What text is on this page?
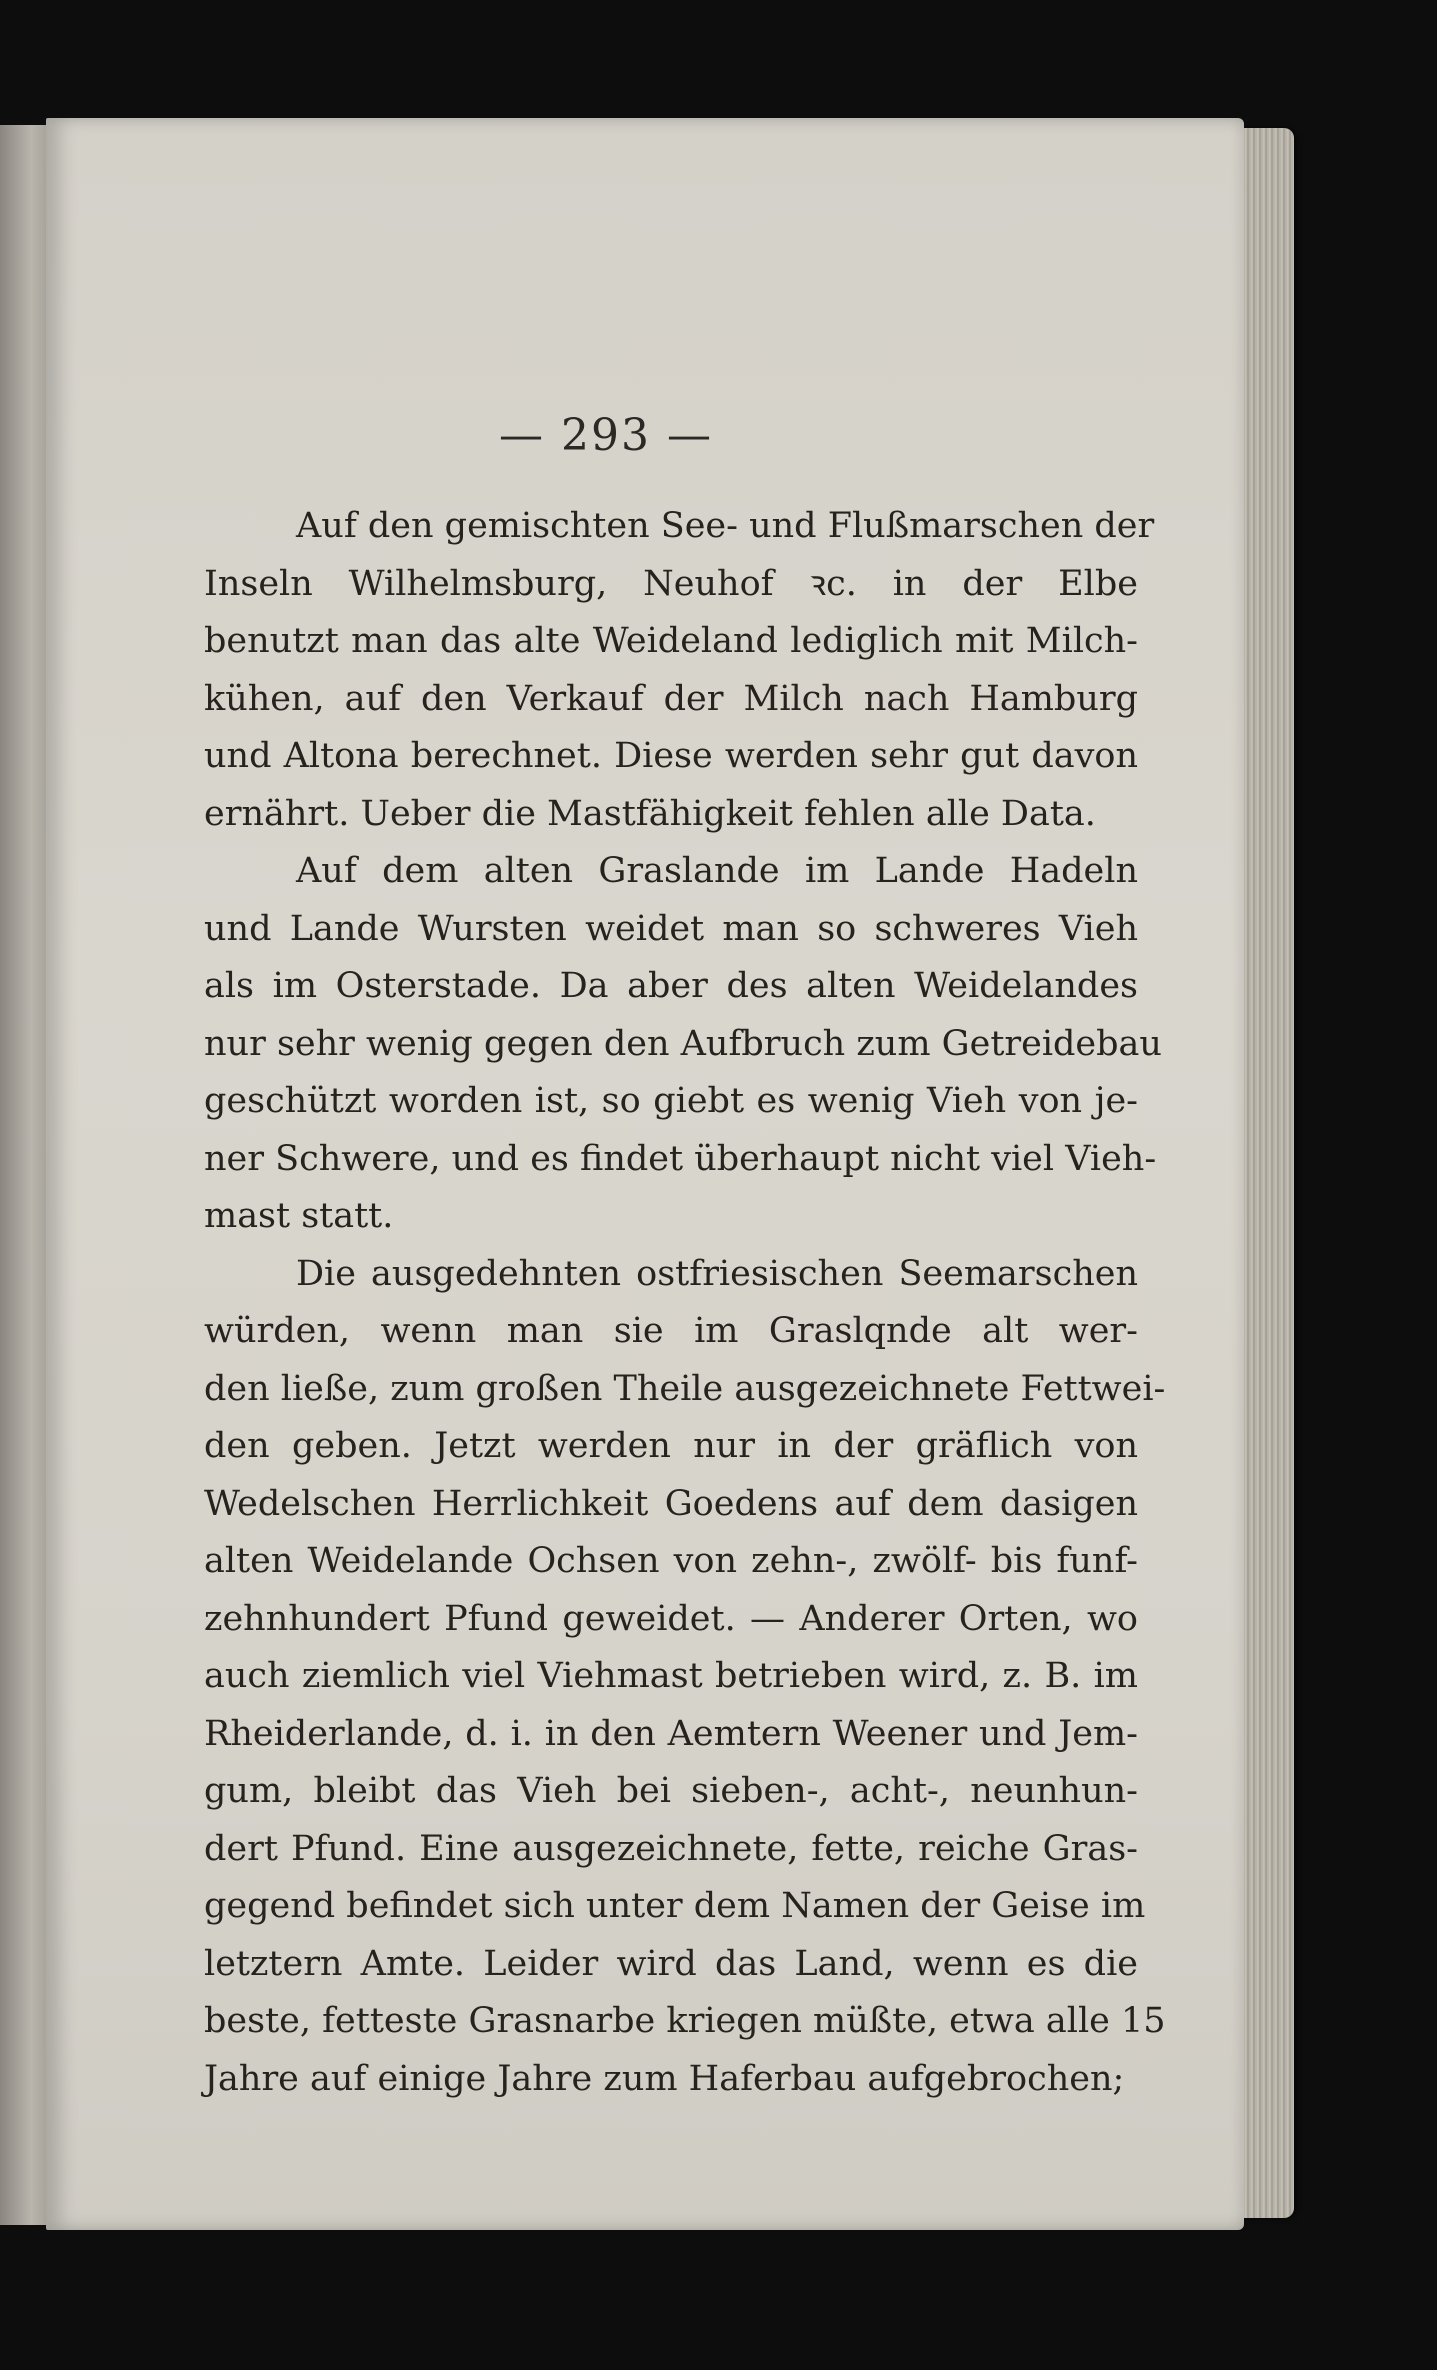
— 293 —
Auf den gemischten See- und Flußmarschen der
Inseln Wilhelmsburg, Neuhof ꝛc. in der Elbe
benutzt man das alte Weideland lediglich mit Milch-
kühen, auf den Verkauf der Milch nach Hamburg
und Altona berechnet. Diese werden sehr gut davon
ernährt. Ueber die Mastfähigkeit fehlen alle Data.
Auf dem alten Graslande im Lande Hadeln
und Lande Wursten weidet man so schweres Vieh
als im Osterstade. Da aber des alten Weidelandes
nur sehr wenig gegen den Aufbruch zum Getreidebau
geschützt worden ist, so giebt es wenig Vieh von je-
ner Schwere, und es findet überhaupt nicht viel Vieh-
mast statt.
Die ausgedehnten ostfriesischen Seemarschen
würden, wenn man sie im Graslqnde alt wer-
den ließe, zum großen Theile ausgezeichnete Fettwei-
den geben. Jetzt werden nur in der gräflich von
Wedelschen Herrlichkeit Goedens auf dem dasigen
alten Weidelande Ochsen von zehn-, zwölf- bis funf-
zehnhundert Pfund geweidet. — Anderer Orten, wo
auch ziemlich viel Viehmast betrieben wird, z. B. im
Rheiderlande, d. i. in den Aemtern Weener und Jem-
gum, bleibt das Vieh bei sieben-, acht-, neunhun-
dert Pfund. Eine ausgezeichnete, fette, reiche Gras-
gegend befindet sich unter dem Namen der Geise im
letztern Amte. Leider wird das Land, wenn es die
beste, fetteste Grasnarbe kriegen müßte, etwa alle 15
Jahre auf einige Jahre zum Haferbau aufgebrochen;
